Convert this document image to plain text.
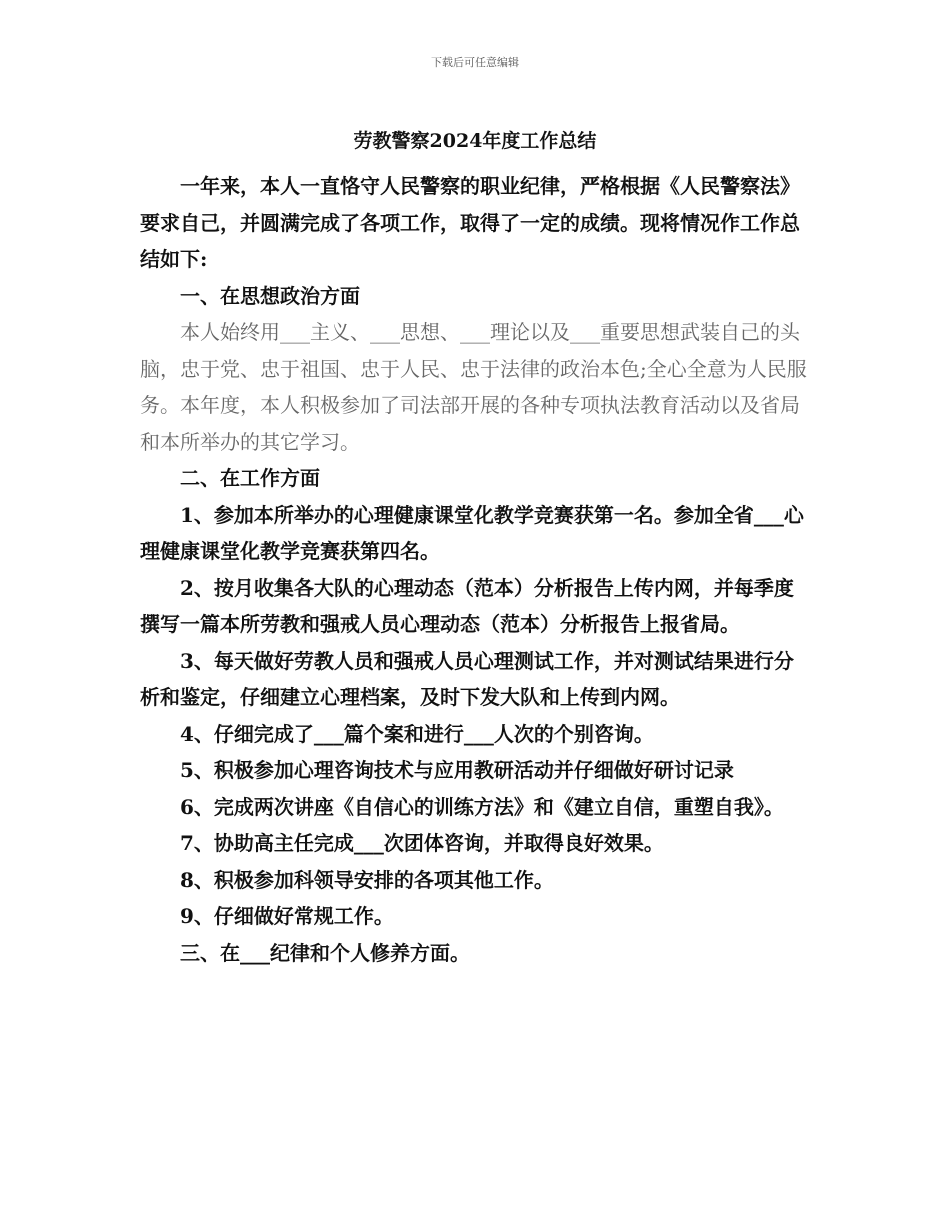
下载后可任意编辑
劳教警察2024年度工作总结

一年来，本人一直恪守人民警察的职业纪律，严格根据《人民警察法》要求自己，并圆满完成了各项工作，取得了一定的成绩。现将情况作工作总结如下:

一、在思想政治方面

本人始终用___主义、___思想、___理论以及___重要思想武装自己的头脑，忠于党、忠于祖国、忠于人民、忠于法律的政治本色;全心全意为人民服务。本年度，本人积极参加了司法部开展的各种专项执法教育活动以及省局和本所举办的其它学习。

二、在工作方面

1、参加本所举办的心理健康课堂化教学竞赛获第一名。参加全省___心理健康课堂化教学竞赛获第四名。

2、按月收集各大队的心理动态（范本）分析报告上传内网，并每季度撰写一篇本所劳教和强戒人员心理动态（范本）分析报告上报省局。

3、每天做好劳教人员和强戒人员心理测试工作，并对测试结果进行分析和鉴定，仔细建立心理档案，及时下发大队和上传到内网。

4、仔细完成了___篇个案和进行___人次的个别咨询。

5、积极参加心理咨询技术与应用教研活动并仔细做好研讨记录

6、完成两次讲座《自信心的训练方法》和《建立自信，重塑自我》。

7、协助高主任完成___次团体咨询，并取得良好效果。

8、积极参加科领导安排的各项其他工作。

9、仔细做好常规工作。

三、在___纪律和个人修养方面。
